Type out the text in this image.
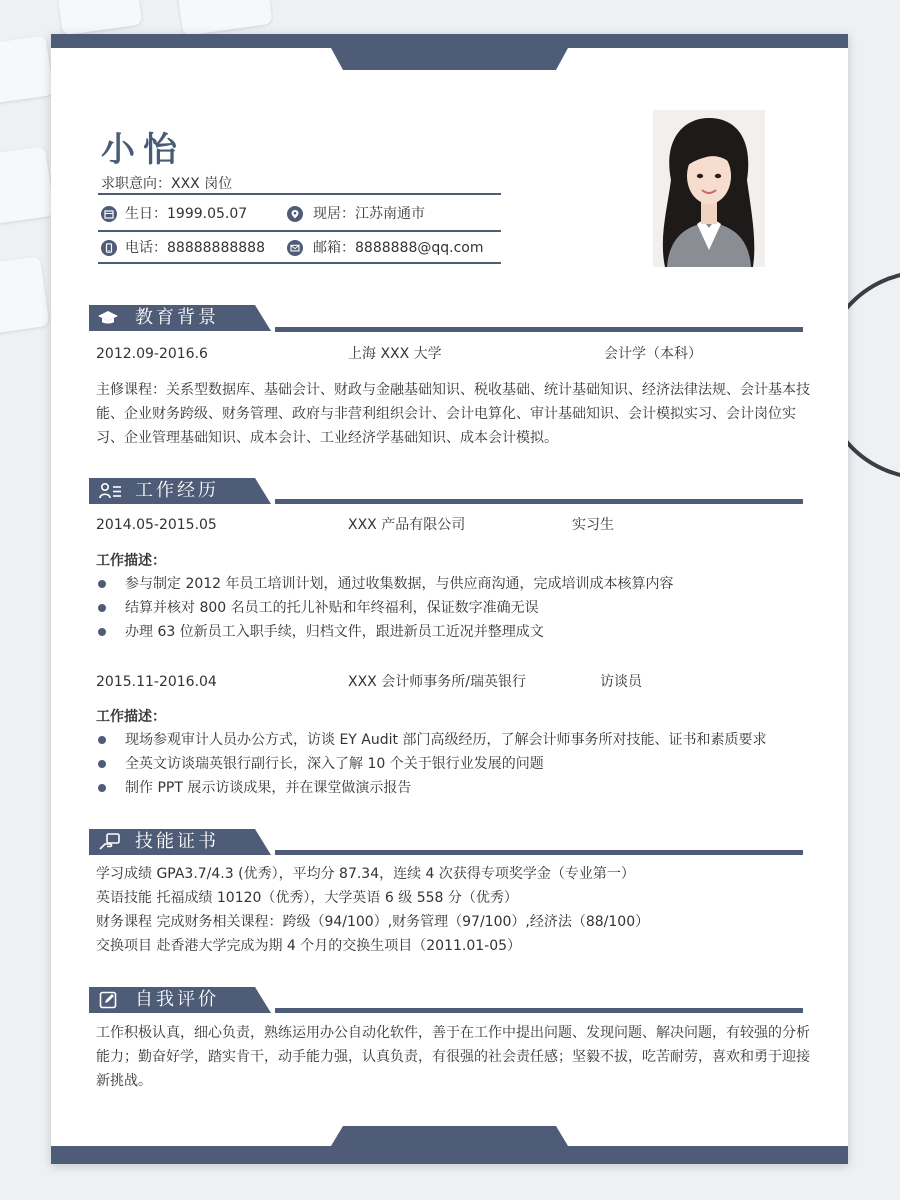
小怡
求职意向：XXX 岗位
生日：1999.05.07	现居：江苏南通市
电话：88888888888	邮箱：8888888@qq.com
教育背景
2012.09-2016.6	上海 XXX 大学	会计学（本科）
主修课程：关系型数据库、基础会计、财政与金融基础知识、税收基础、统计基础知识、经济法律法规、会计基本技能、企业财务跨级、财务管理、政府与非营利组织会计、会计电算化、审计基础知识、会计模拟实习、会计岗位实习、企业管理基础知识、成本会计、工业经济学基础知识、成本会计模拟。
工作经历
2014.05-2015.05	XXX 产品有限公司	实习生
工作描述：
参与制定 2012 年员工培训计划，通过收集数据，与供应商沟通，完成培训成本核算内容
结算并核对 800 名员工的托儿补贴和年终福利，保证数字准确无误
办理 63 位新员工入职手续，归档文件，跟进新员工近况并整理成文
2015.11-2016.04	XXX 会计师事务所/瑞英银行	访谈员
工作描述：
现场参观审计人员办公方式，访谈 EY Audit 部门高级经历，了解会计师事务所对技能、证书和素质要求
全英文访谈瑞英银行副行长，深入了解 10 个关于银行业发展的问题
制作 PPT 展示访谈成果，并在课堂做演示报告
技能证书
学习成绩 GPA3.7/4.3 (优秀），平均分 87.34，连续 4 次获得专项奖学金（专业第一）
英语技能 托福成绩 10120（优秀），大学英语 6 级 558 分（优秀）
财务课程 完成财务相关课程：跨级（94/100）,财务管理（97/100）,经济法（88/100）
交换项目 赴香港大学完成为期 4 个月的交换生项目（2011.01-05）
自我评价
工作积极认真，细心负责，熟练运用办公自动化软件，善于在工作中提出问题、发现问题、解决问题，有较强的分析能力；勤奋好学，踏实肯干，动手能力强，认真负责，有很强的社会责任感；坚毅不拔，吃苦耐劳，喜欢和勇于迎接新挑战。
